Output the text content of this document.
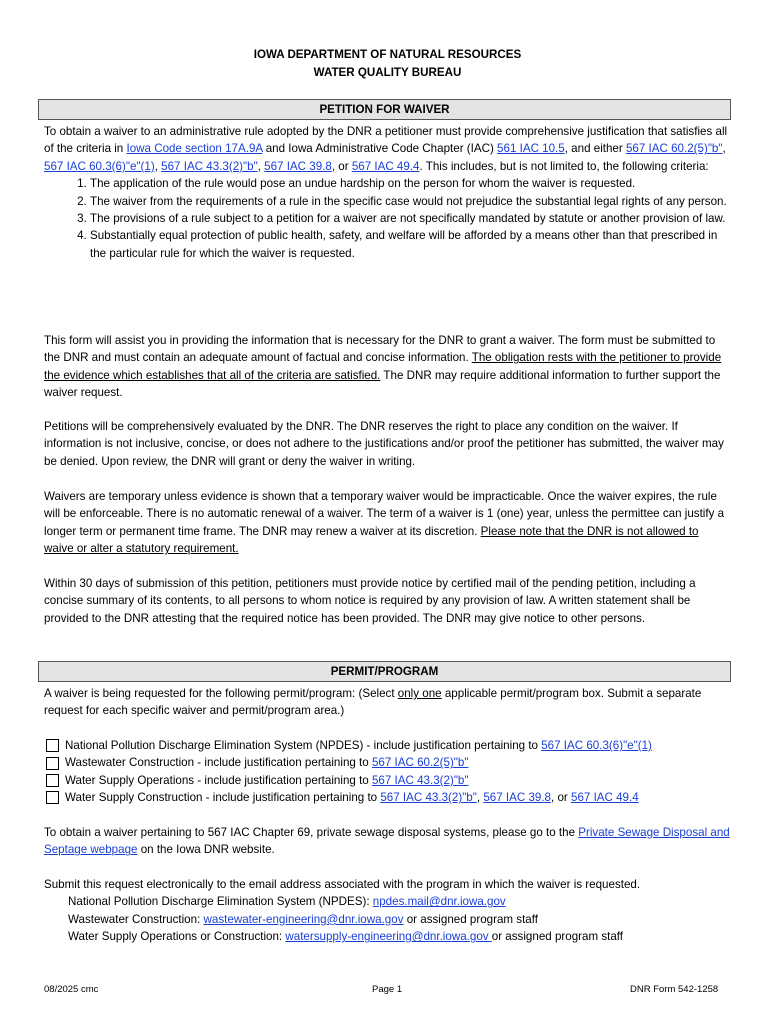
IOWA DEPARTMENT OF NATURAL RESOURCES
WATER QUALITY BUREAU
PETITION FOR WAIVER

To obtain a waiver to an administrative rule adopted by the DNR a petitioner must provide comprehensive justification that satisfies all of the criteria in Iowa Code section 17A.9A and Iowa Administrative Code Chapter (IAC) 561 IAC 10.5, and either 567 IAC 60.2(5)"b", 567 IAC 60.3(6)"e"(1), 567 IAC 43.3(2)"b", 567 IAC 39.8, or 567 IAC 49.4. This includes, but is not limited to, the following criteria:

1. The application of the rule would pose an undue hardship on the person for whom the waiver is requested.
2. The waiver from the requirements of a rule in the specific case would not prejudice the substantial legal rights of any person.
3. The provisions of a rule subject to a petition for a waiver are not specifically mandated by statute or another provision of law.
4. Substantially equal protection of public health, safety, and welfare will be afforded by a means other than that prescribed in the particular rule for which the waiver is requested.

This form will assist you in providing the information that is necessary for the DNR to grant a waiver. The form must be submitted to the DNR and must contain an adequate amount of factual and concise information. The obligation rests with the petitioner to provide the evidence which establishes that all of the criteria are satisfied. The DNR may require additional information to further support the waiver request.

Petitions will be comprehensively evaluated by the DNR. The DNR reserves the right to place any condition on the waiver. If information is not inclusive, concise, or does not adhere to the justifications and/or proof the petitioner has submitted, the waiver may be denied. Upon review, the DNR will grant or deny the waiver in writing.

Waivers are temporary unless evidence is shown that a temporary waiver would be impracticable. Once the waiver expires, the rule will be enforceable. There is no automatic renewal of a waiver. The term of a waiver is 1 (one) year, unless the permittee can justify a longer term or permanent time frame. The DNR may renew a waiver at its discretion. Please note that the DNR is not allowed to waive or alter a statutory requirement.

Within 30 days of submission of this petition, petitioners must provide notice by certified mail of the pending petition, including a concise summary of its contents, to all persons to whom notice is required by any provision of law. A written statement shall be provided to the DNR attesting that the required notice has been provided. The DNR may give notice to other persons.

PERMIT/PROGRAM

A waiver is being requested for the following permit/program: (Select only one applicable permit/program box. Submit a separate request for each specific waiver and permit/program area.)

National Pollution Discharge Elimination System (NPDES) - include justification pertaining to 567 IAC 60.3(6)"e"(1)
Wastewater Construction - include justification pertaining to 567 IAC 60.2(5)"b"
Water Supply Operations - include justification pertaining to 567 IAC 43.3(2)"b"
Water Supply Construction - include justification pertaining to 567 IAC 43.3(2)"b", 567 IAC 39.8, or 567 IAC 49.4

To obtain a waiver pertaining to 567 IAC Chapter 69, private sewage disposal systems, please go to the Private Sewage Disposal and Septage webpage on the Iowa DNR website.

Submit this request electronically to the email address associated with the program in which the waiver is requested.

National Pollution Discharge Elimination System (NPDES): npdes.mail@dnr.iowa.gov

Wastewater Construction: wastewater-engineering@dnr.iowa.gov or assigned program staff

Water Supply Operations or Construction: watersupply-engineering@dnr.iowa.gov or assigned program staff

08/2025 cmc	Page 1	DNR Form 542-1258
